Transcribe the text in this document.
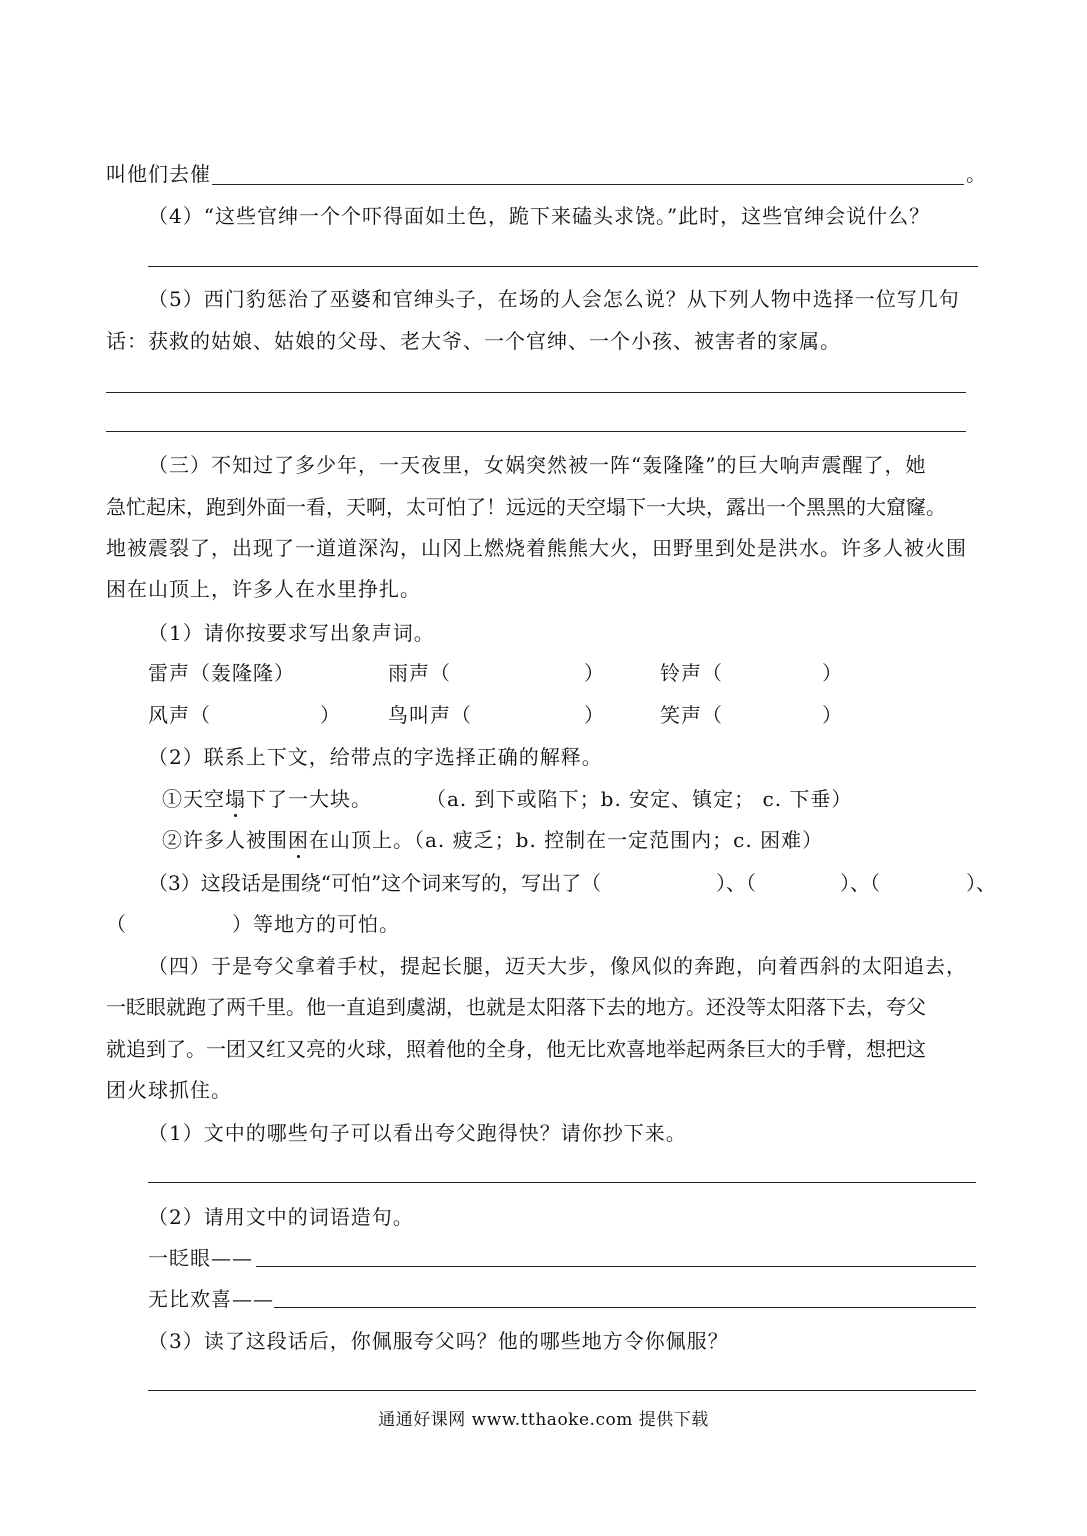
叫他们去催	。
（4）“这些官绅一个个吓得面如土色，跪下来磕头求饶。”此时，这些官绅会说什么？
（5）西门豹惩治了巫婆和官绅头子，在场的人会怎么说？从下列人物中选择一位写几句
话：获救的姑娘、姑娘的父母、老大爷、一个官绅、一个小孩、被害者的家属。
（三）不知过了多少年，一天夜里，女娲突然被一阵“轰隆隆”的巨大响声震醒了，她
急忙起床，跑到外面一看，天啊，太可怕了！远远的天空塌下一大块，露出一个黑黑的大窟窿。
地被震裂了，出现了一道道深沟，山冈上燃烧着熊熊大火，田野里到处是洪水。许多人被火围
困在山顶上，许多人在水里挣扎。
（1）请你按要求写出象声词。
雷声（轰隆隆）	雨声（	）	铃声（	）
风声（	） 鸟叫声（	）	笑声（	）
（2）联系上下文，给带点的字选择正确的解释。
①天空塌下了一大块。	（a. 到下或陷下；b. 安定、镇定； c. 下垂）
②许多人被围困在山顶上。（a. 疲乏；b. 控制在一定范围内；c. 困难）
（3）这段话是围绕“可怕”这个词来写的，写出了（	）、（	）、（	）、
（	）等地方的可怕。
（四）于是夸父拿着手杖，提起长腿，迈天大步，像风似的奔跑，向着西斜的太阳追去，
一眨眼就跑了两千里。他一直追到虞湖，也就是太阳落下去的地方。还没等太阳落下去，夸父
就追到了。一团又红又亮的火球，照着他的全身，他无比欢喜地举起两条巨大的手臂，想把这
团火球抓住。
（1）文中的哪些句子可以看出夸父跑得快？请你抄下来。
（2）请用文中的词语造句。
一眨眼——
无比欢喜——
（3）读了这段话后，你佩服夸父吗？他的哪些地方令你佩服？
通通好课网 www.tthaoke.com 提供下载
